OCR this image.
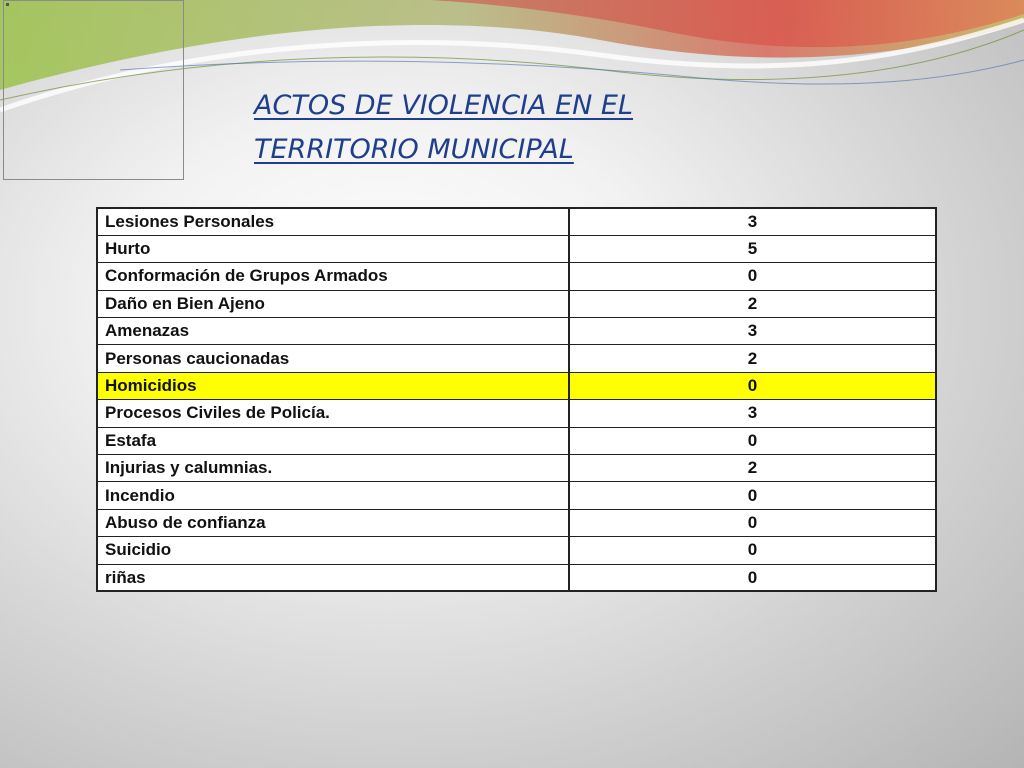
ACTOS DE VIOLENCIA EN EL
TERRITORIO MUNICIPAL
Lesiones Personales	3
Hurto	5
Conformación de Grupos Armados	0
Daño en Bien Ajeno	2
Amenazas	3
Personas caucionadas	2
Homicidios	0
Procesos Civiles de Policía.	3
Estafa	0
Injurias y calumnias.	2
Incendio	0
Abuso de confianza	0
Suicidio	0
riñas	0
